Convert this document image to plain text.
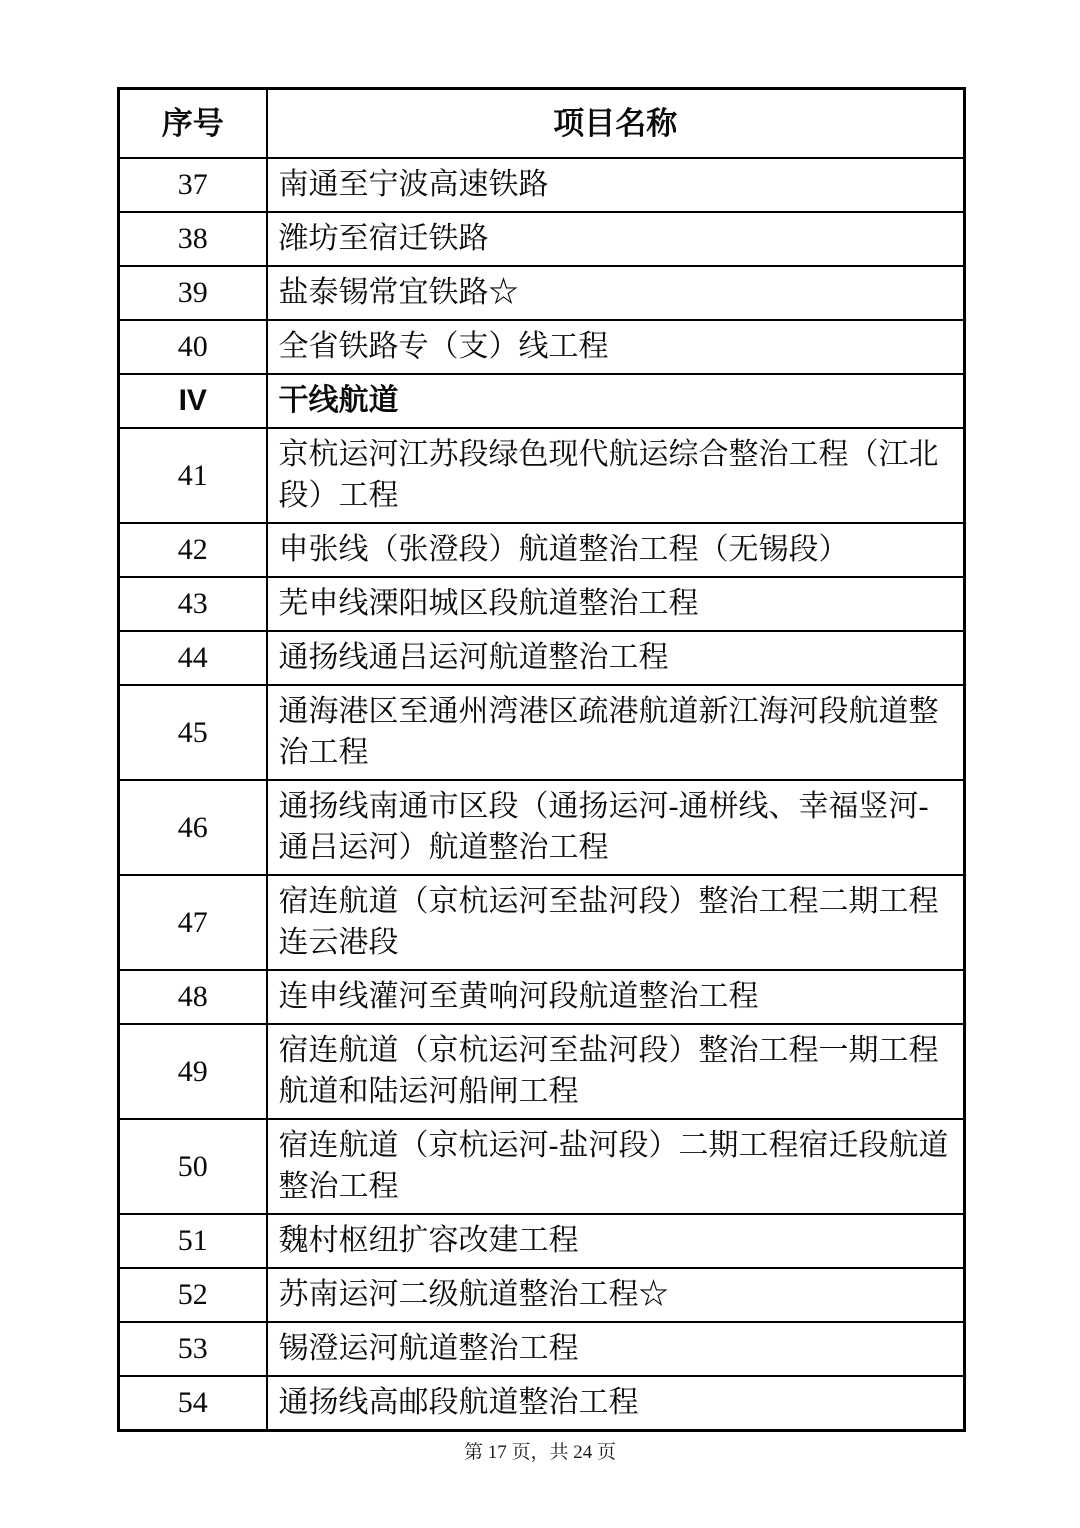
序号	项目名称
37	南通至宁波高速铁路
38	潍坊至宿迁铁路
39	盐泰锡常宜铁路☆
40	全省铁路专（支）线工程
IV	干线航道
41	京杭运河江苏段绿色现代航运综合整治工程（江北段）工程
42	申张线（张澄段）航道整治工程（无锡段）
43	芜申线溧阳城区段航道整治工程
44	通扬线通吕运河航道整治工程
45	通海港区至通州湾港区疏港航道新江海河段航道整治工程
46	通扬线南通市区段（通扬运河-通栟线、幸福竖河-通吕运河）航道整治工程
47	宿连航道（京杭运河至盐河段）整治工程二期工程连云港段
48	连申线灌河至黄响河段航道整治工程
49	宿连航道（京杭运河至盐河段）整治工程一期工程航道和陆运河船闸工程
50	宿连航道（京杭运河-盐河段）二期工程宿迁段航道整治工程
51	魏村枢纽扩容改建工程
52	苏南运河二级航道整治工程☆
53	锡澄运河航道整治工程
54	通扬线高邮段航道整治工程
第 17 页，共 24 页
